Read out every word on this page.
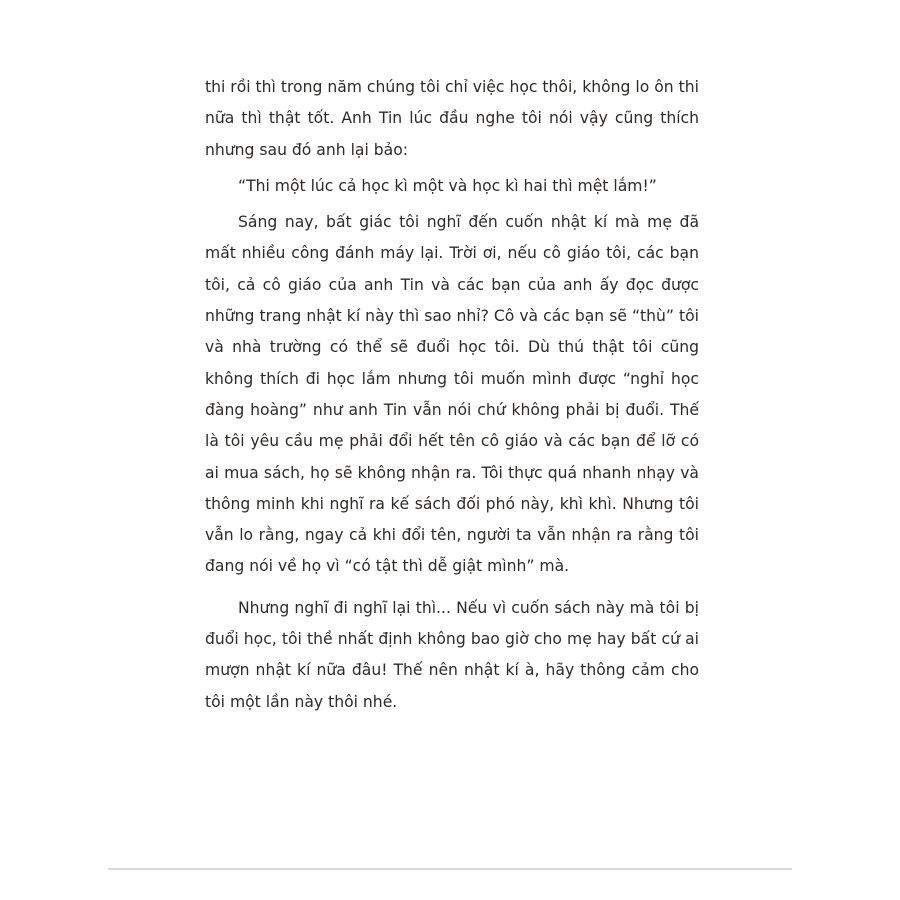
thi rồi thì trong năm chúng tôi chỉ việc học thôi, không lo ôn thi nữa thì thật tốt. Anh Tin lúc đầu nghe tôi nói vậy cũng thích nhưng sau đó anh lại bảo:

“Thi một lúc cả học kì một và học kì hai thì mệt lắm!”

Sáng nay, bất giác tôi nghĩ đến cuốn nhật kí mà mẹ đã mất nhiều công đánh máy lại. Trời ơi, nếu cô giáo tôi, các bạn tôi, cả cô giáo của anh Tin và các bạn của anh ấy đọc được những trang nhật kí này thì sao nhỉ? Cô và các bạn sẽ “thù” tôi và nhà trường có thể sẽ đuổi học tôi. Dù thú thật tôi cũng không thích đi học lắm nhưng tôi muốn mình được “nghỉ học đàng hoàng” như anh Tin vẫn nói chứ không phải bị đuổi. Thế là tôi yêu cầu mẹ phải đổi hết tên cô giáo và các bạn để lỡ có ai mua sách, họ sẽ không nhận ra. Tôi thực quá nhanh nhạy và thông minh khi nghĩ ra kế sách đối phó này, khì khì. Nhưng tôi vẫn lo rằng, ngay cả khi đổi tên, người ta vẫn nhận ra rằng tôi đang nói về họ vì “có tật thì dễ giật mình” mà.

Nhưng nghĩ đi nghĩ lại thì... Nếu vì cuốn sách này mà tôi bị đuổi học, tôi thề nhất định không bao giờ cho mẹ hay bất cứ ai mượn nhật kí nữa đâu! Thế nên nhật kí à, hãy thông cảm cho tôi một lần này thôi nhé.
